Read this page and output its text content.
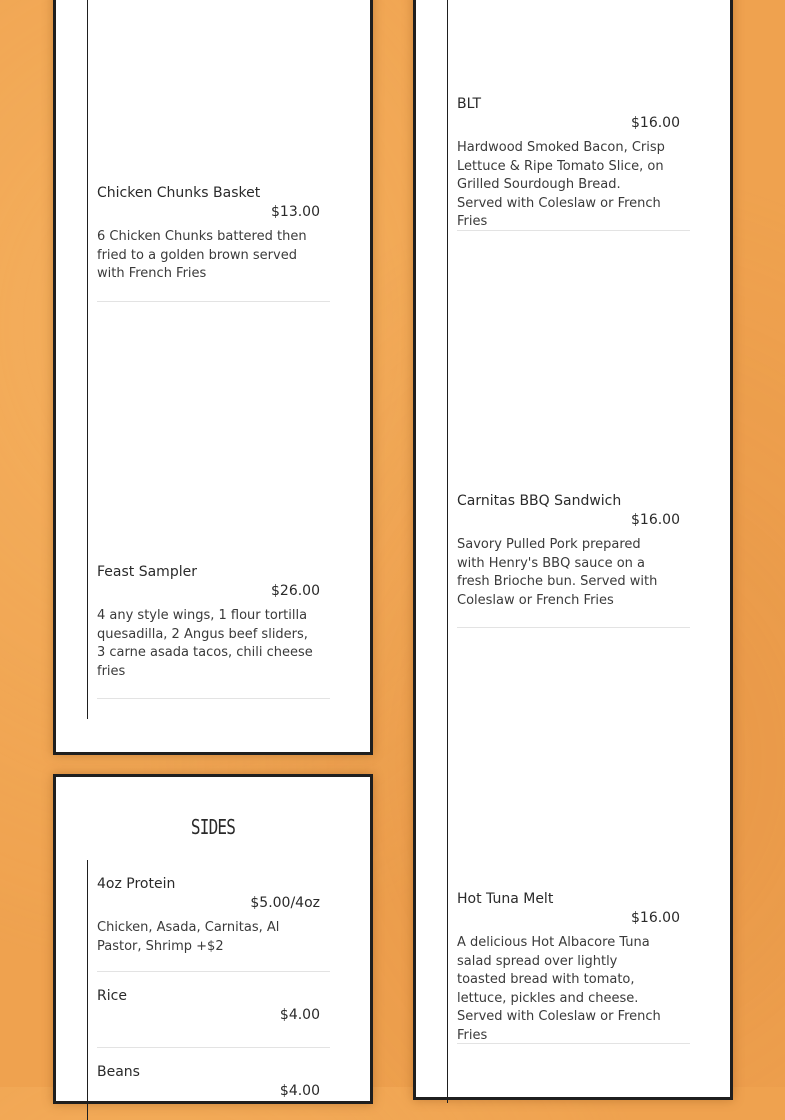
Chicken Chunks Basket
$13.00
6 Chicken Chunks battered then fried to a golden brown served with French Fries
Feast Sampler
$26.00
4 any style wings, 1 flour tortilla quesadilla, 2 Angus beef sliders, 3 carne asada tacos, chili cheese fries
SIDES
4oz Protein
$5.00/4oz
Chicken, Asada, Carnitas, Al Pastor, Shrimp +$2
Rice
$4.00
Beans
$4.00
BLT
$16.00
Hardwood Smoked Bacon, Crisp Lettuce & Ripe Tomato Slice, on Grilled Sourdough Bread. Served with Coleslaw or French Fries
Carnitas BBQ Sandwich
$16.00
Savory Pulled Pork prepared with Henry's BBQ sauce on a fresh Brioche bun. Served with Coleslaw or French Fries
Hot Tuna Melt
$16.00
A delicious Hot Albacore Tuna salad spread over lightly toasted bread with tomato, lettuce, pickles and cheese. Served with Coleslaw or French Fries
